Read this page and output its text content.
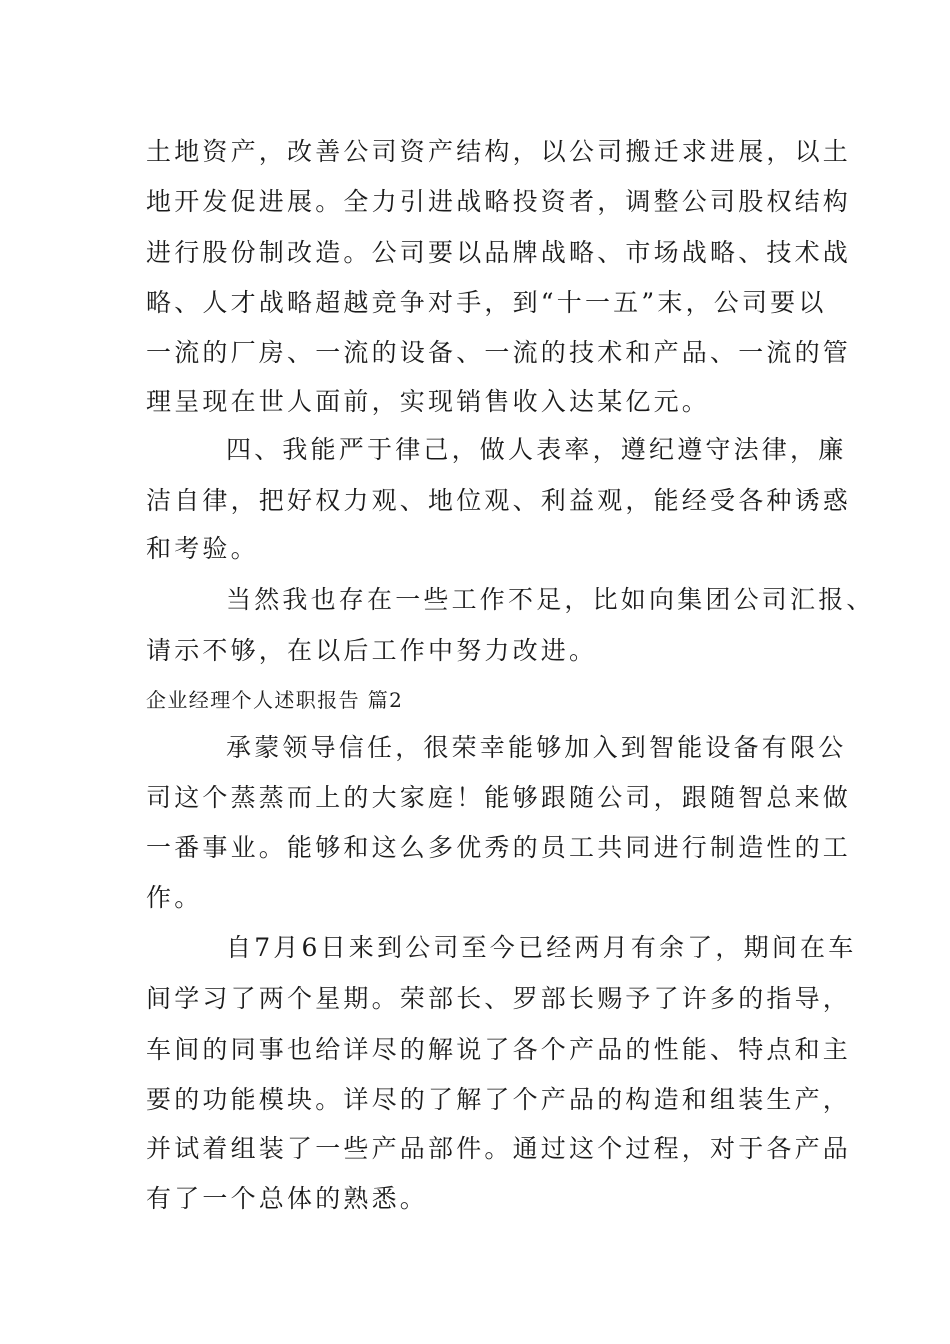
土地资产，改善公司资产结构，以公司搬迁求进展，以土
地开发促进展。全力引进战略投资者，调整公司股权结构
进行股份制改造。公司要以品牌战略、市场战略、技术战
略、人才战略超越竞争对手，到“十一五”末，公司要以
一流的厂房、一流的设备、一流的技术和产品、一流的管
理呈现在世人面前，实现销售收入达某亿元。
四、我能严于律己，做人表率，遵纪遵守法律，廉
洁自律，把好权力观、地位观、利益观，能经受各种诱惑
和考验。
当然我也存在一些工作不足，比如向集团公司汇报、
请示不够，在以后工作中努力改进。
企业经理个人述职报告 篇2
承蒙领导信任，很荣幸能够加入到智能设备有限公
司这个蒸蒸而上的大家庭！能够跟随公司，跟随智总来做
一番事业。能够和这么多优秀的员工共同进行制造性的工
作。
自7月6日来到公司至今已经两月有余了，期间在车
间学习了两个星期。荣部长、罗部长赐予了许多的指导，
车间的同事也给详尽的解说了各个产品的性能、特点和主
要的功能模块。详尽的了解了个产品的构造和组装生产，
并试着组装了一些产品部件。通过这个过程，对于各产品
有了一个总体的熟悉。
